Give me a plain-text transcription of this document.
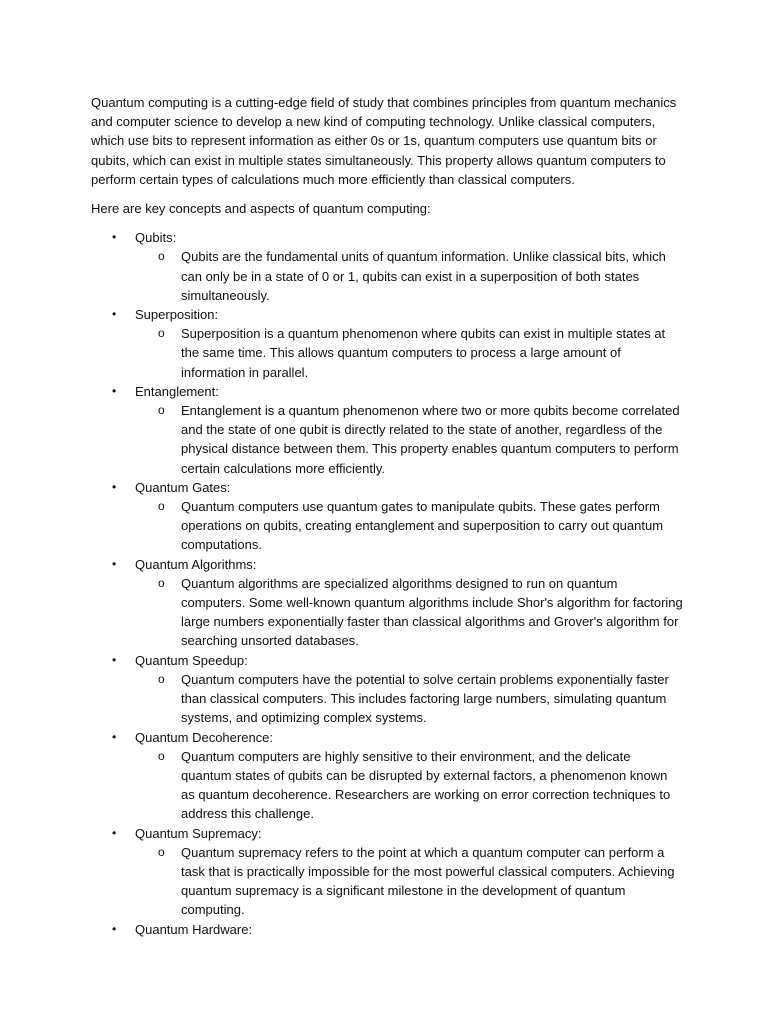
Quantum computing is a cutting-edge field of study that combines principles from quantum mechanics and computer science to develop a new kind of computing technology. Unlike classical computers, which use bits to represent information as either 0s or 1s, quantum computers use quantum bits or qubits, which can exist in multiple states simultaneously. This property allows quantum computers to perform certain types of calculations much more efficiently than classical computers.

Here are key concepts and aspects of quantum computing:

• Qubits:
o Qubits are the fundamental units of quantum information. Unlike classical bits, which can only be in a state of 0 or 1, qubits can exist in a superposition of both states simultaneously.
• Superposition:
o Superposition is a quantum phenomenon where qubits can exist in multiple states at the same time. This allows quantum computers to process a large amount of information in parallel.
• Entanglement:
o Entanglement is a quantum phenomenon where two or more qubits become correlated and the state of one qubit is directly related to the state of another, regardless of the physical distance between them. This property enables quantum computers to perform certain calculations more efficiently.
• Quantum Gates:
o Quantum computers use quantum gates to manipulate qubits. These gates perform operations on qubits, creating entanglement and superposition to carry out quantum computations.
• Quantum Algorithms:
o Quantum algorithms are specialized algorithms designed to run on quantum computers. Some well-known quantum algorithms include Shor's algorithm for factoring large numbers exponentially faster than classical algorithms and Grover's algorithm for searching unsorted databases.
• Quantum Speedup:
o Quantum computers have the potential to solve certain problems exponentially faster than classical computers. This includes factoring large numbers, simulating quantum systems, and optimizing complex systems.
• Quantum Decoherence:
o Quantum computers are highly sensitive to their environment, and the delicate quantum states of qubits can be disrupted by external factors, a phenomenon known as quantum decoherence. Researchers are working on error correction techniques to address this challenge.
• Quantum Supremacy:
o Quantum supremacy refers to the point at which a quantum computer can perform a task that is practically impossible for the most powerful classical computers. Achieving quantum supremacy is a significant milestone in the development of quantum computing.
• Quantum Hardware:
